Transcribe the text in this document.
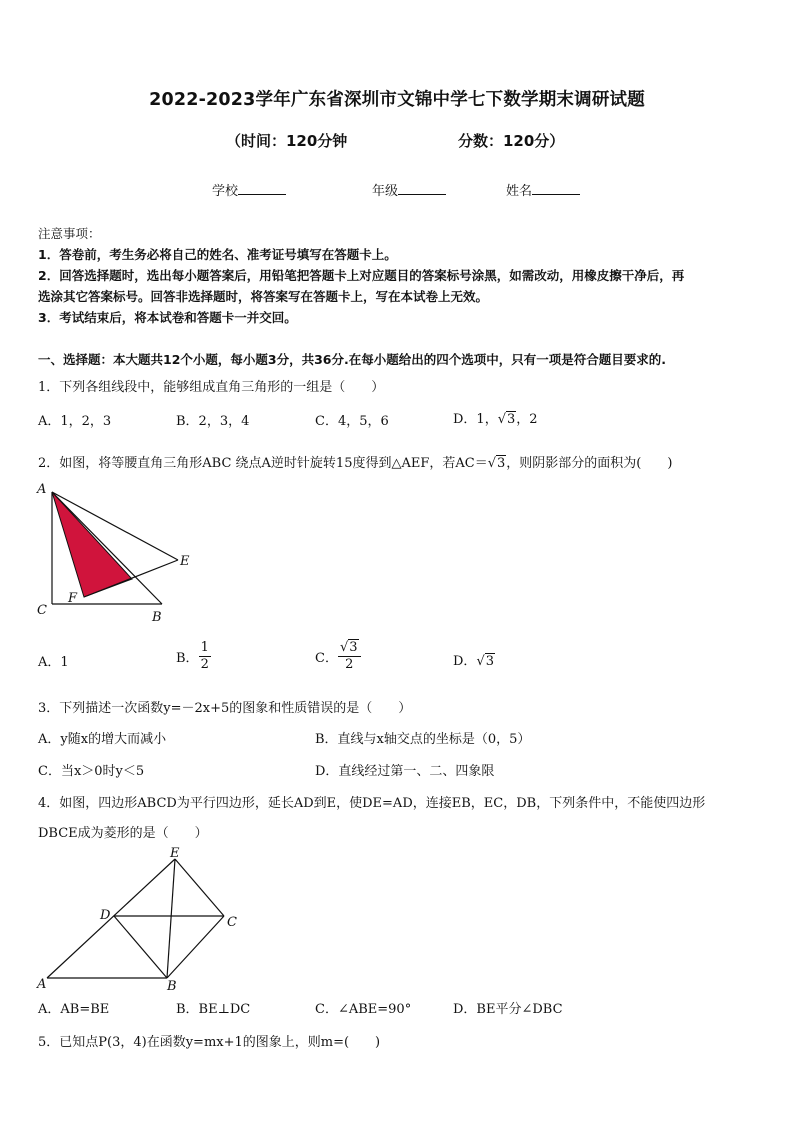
2022-2023学年广东省深圳市文锦中学七下数学期末调研试题
（时间：120分钟	分数：120分）
学校	年级	姓名
注意事项：
1．答卷前，考生务必将自己的姓名、准考证号填写在答题卡上。
2．回答选择题时，选出每小题答案后，用铅笔把答题卡上对应题目的答案标号涂黑，如需改动，用橡皮擦干净后，再
选涂其它答案标号。回答非选择题时，将答案写在答题卡上，写在本试卷上无效。
3．考试结束后，将本试卷和答题卡一并交回。
一、选择题：本大题共12个小题，每小题3分，共36分.在每小题给出的四个选项中，只有一项是符合题目要求的.
1．下列各组线段中，能够组成直角三角形的一组是（　　）
A．1，2，3	B．2，3，4	C．4，5，6	D．1，√3，2
2．如图，将等腰直角三角形ABC 绕点A逆时针旋转15度得到△AEF，若AC＝√3，则阴影部分的面积为(　　)
A
E
F
C	B
A．1	B． $\frac{1}{2}$	C． $\frac{√3}{2}$	D．√3
3．下列描述一次函数y=－2x+5的图象和性质错误的是（　　）
A．y随x的增大而减小	B．直线与x轴交点的坐标是（0，5）
C．当x＞0时y＜5	D．直线经过第一、二、四象限
4．如图，四边形ABCD为平行四边形，延长AD到E，使DE=AD，连接EB，EC，DB，下列条件中，不能使四边形
DBCE成为菱形的是（　　）
E
D	C
A	B
A．AB=BE	B．BE⊥DC	C．∠ABE=90°	D．BE平分∠DBC
5．已知点P(3，4)在函数y=mx+1的图象上，则m=(　　)
